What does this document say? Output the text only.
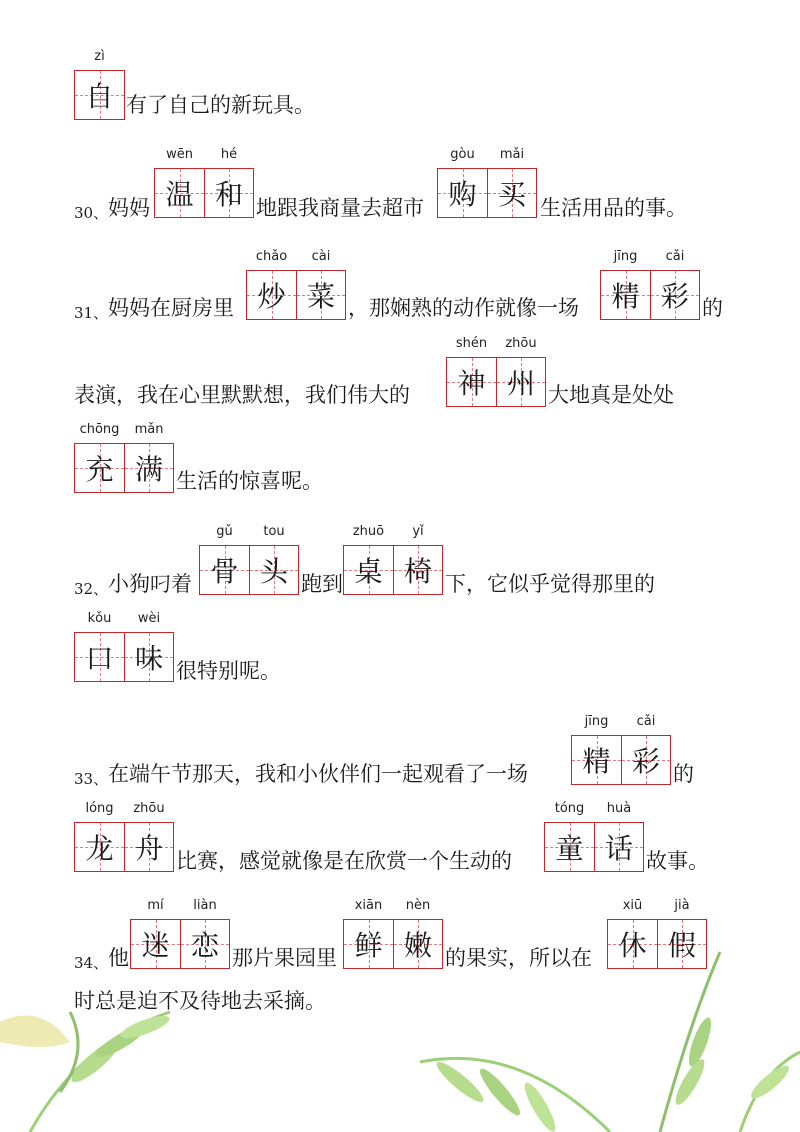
zì
自 有了自己的新玩具。
30、 妈妈
wēn
温
hé
和 地跟我商量去超市
gòu
购
mǎi
买 生活用品的事。
31、 妈妈在厨房里
chǎo
炒
cài
菜 ，那娴熟的动作就像一场
jīng
精
cǎi
彩 的
表演，我在心里默默想，我们伟大的
shén
神
zhōu
州 大地真是处处
chōng
充
mǎn
满 生活的惊喜呢。
32、 小狗叼着
gǔ
骨
tou
头 跑到
zhuō
桌
yǐ
椅 下，它似乎觉得那里的
kǒu
口
wèi
味 很特别呢。
33、 在端午节那天，我和小伙伴们一起观看了一场
jīng
精
cǎi
彩 的
lóng
龙
zhōu
舟 比赛，感觉就像是在欣赏一个生动的
tóng
童
huà
话 故事。
34、 他
mí
迷
liàn
恋 那片果园里
xiān
鲜
nèn
嫩 的果实，所以在
xiū
休
jià
假
时总是迫不及待地去采摘。
